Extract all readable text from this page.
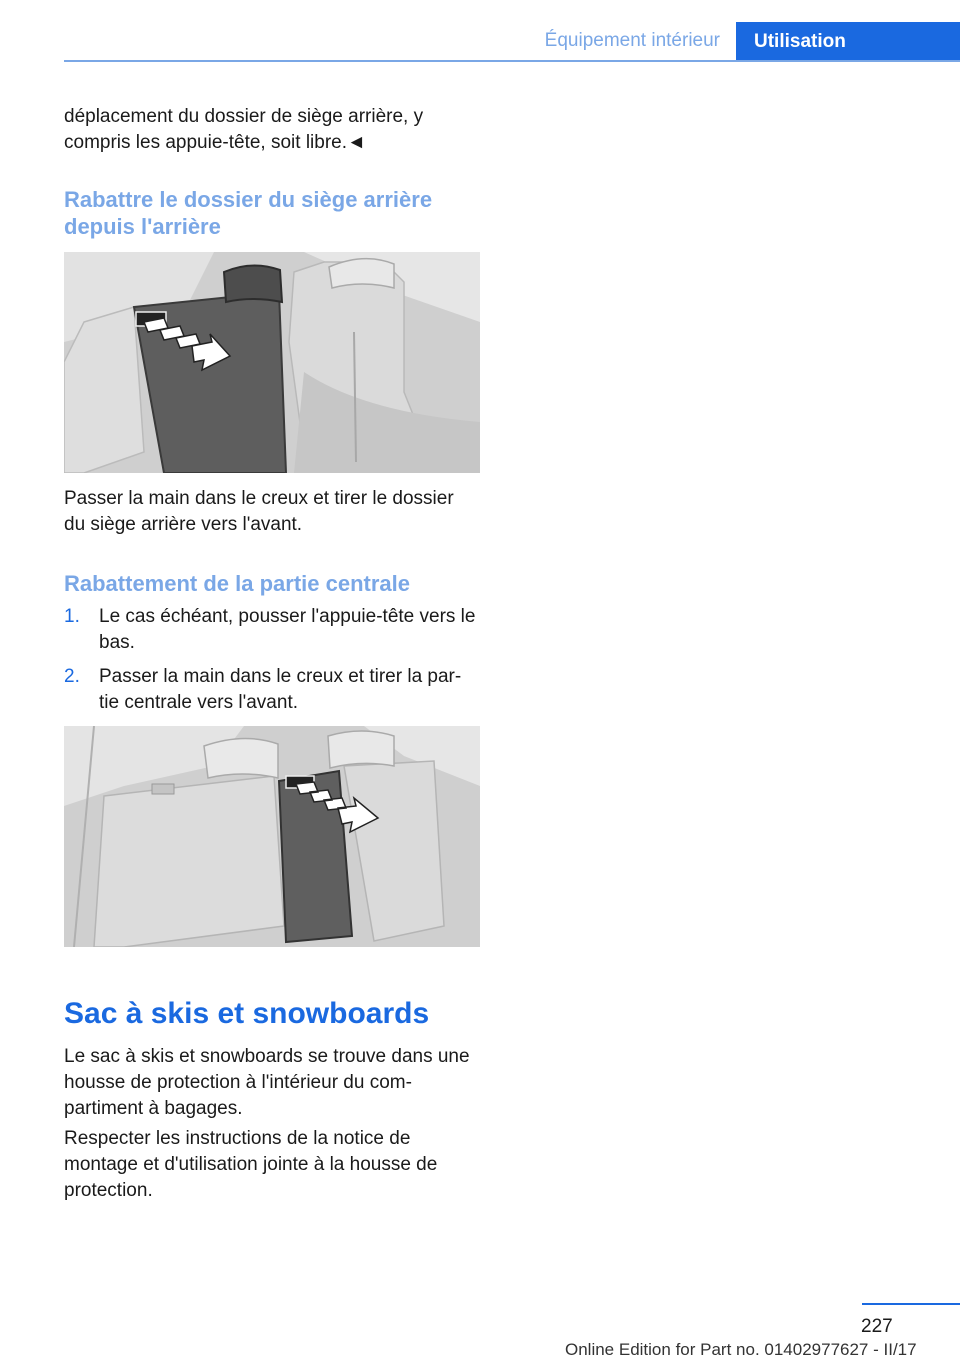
Équipement intérieur	Utilisation

déplacement du dossier de siège arrière, y compris les appuie-tête, soit libre.◄

Rabattre le dossier du siège arrière depuis l'arrière

Passer la main dans le creux et tirer le dossier du siège arrière vers l'avant.

Rabattement de la partie centrale
1. Le cas échéant, pousser l'appuie-tête vers le bas.
2. Passer la main dans le creux et tirer la par- tie centrale vers l'avant.
Sac à skis et snowboards

Le sac à skis et snowboards se trouve dans une housse de protection à l'intérieur du com- partiment à bagages.

Respecter les instructions de la notice de montage et d'utilisation jointe à la housse de protection.

227
Online Edition for Part no. 01402977627 - II/17
